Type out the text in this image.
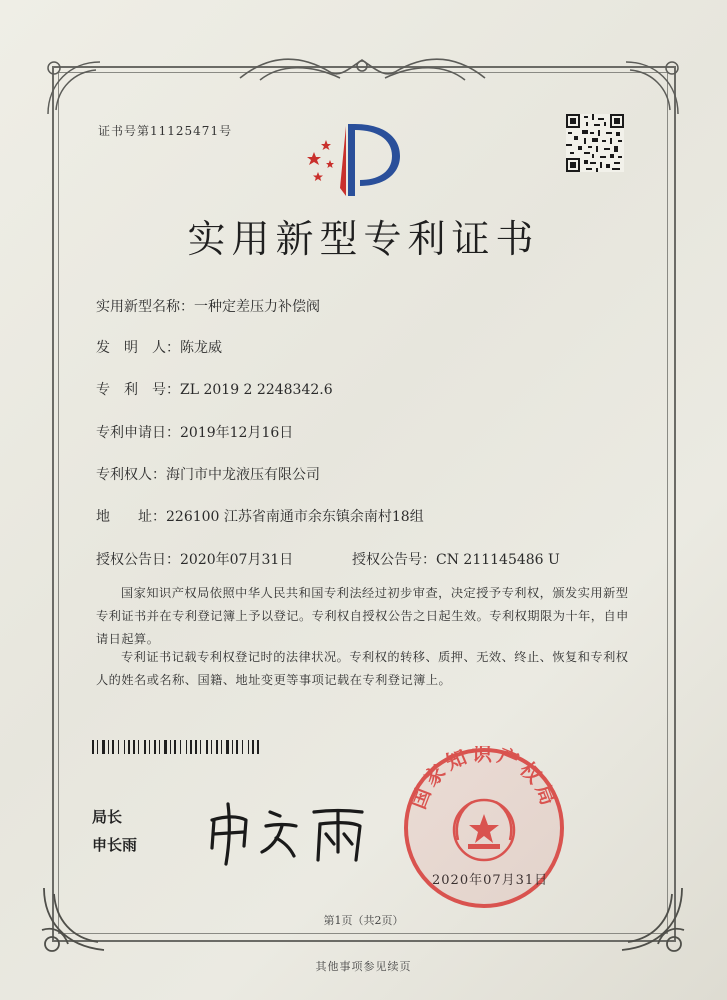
证书号第11125471号
实用新型专利证书
实用新型名称：一种定差压力补偿阀
发　明　人：陈龙威
专　利　号：ZL 2019 2 2248342.6
专利申请日：2019年12月16日
专利权人：海门市中龙液压有限公司
地　　址：226100 江苏省南通市余东镇余南村18组
授权公告日：2020年07月31日	授权公告号：CN 211145486 U
国家知识产权局依照中华人民共和国专利法经过初步审查，决定授予专利权，颁发实用新型专利证书并在专利登记簿上予以登记。专利权自授权公告之日起生效。专利权期限为十年，自申请日起算。
专利证书记载专利权登记时的法律状况。专利权的转移、质押、无效、终止、恢复和专利权人的姓名或名称、国籍、地址变更等事项记载在专利登记簿上。
局长
申长雨
国家知识产权局
2020年07月31日
第1页（共2页）
其他事项参见续页
